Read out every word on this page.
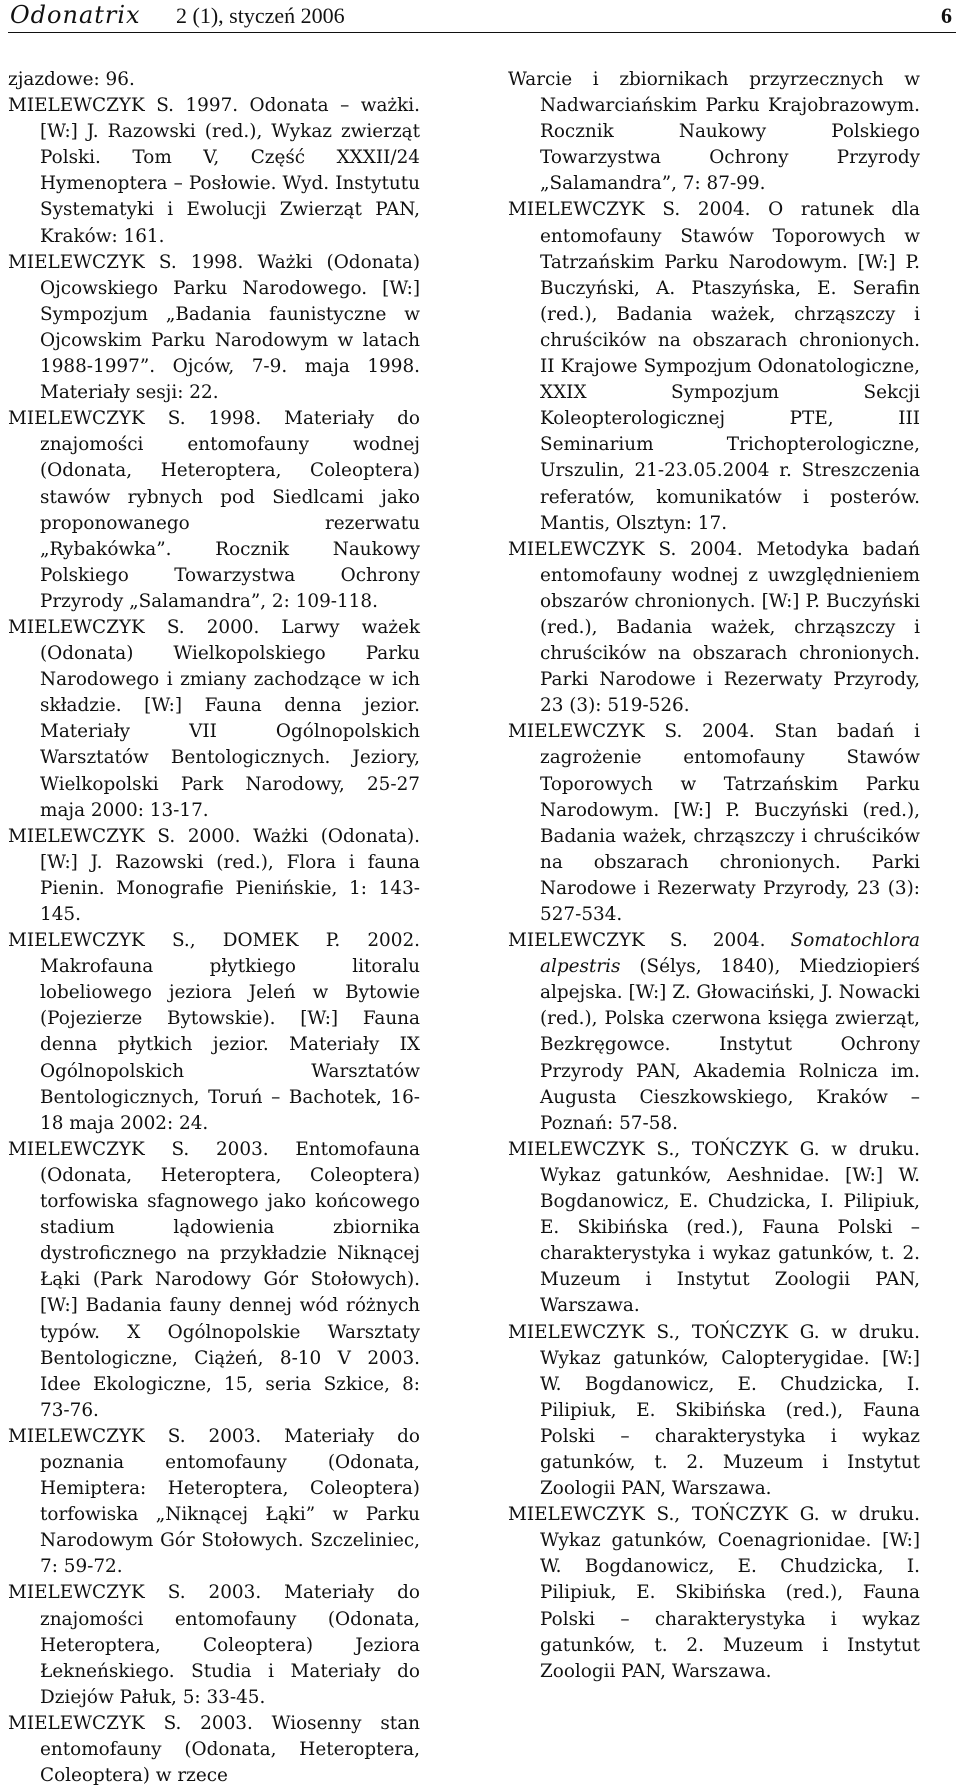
Odonatrix 2 (1), styczeń 2006	6

zjazdowe: 96.

MIELEWCZYK S. 1997. Odonata – ważki. [W:] J. Razowski (red.), Wykaz zwierząt Polski. Tom V, Część XXXII/24 Hymenoptera – Posłowie. Wyd. Instytutu Systematyki i Ewolucji Zwierząt PAN, Kraków: 161.

MIELEWCZYK S. 1998. Ważki (Odonata) Ojcowskiego Parku Narodowego. [W:] Sympozjum „Badania faunistyczne w Ojcowskim Parku Narodowym w latach 1988-1997”. Ojców, 7-9. maja 1998. Materiały sesji: 22.

MIELEWCZYK S. 1998. Materiały do znajomości entomofauny wodnej (Odonata, Heteroptera, Coleoptera) stawów rybnych pod Siedlcami jako proponowanego rezerwatu „Rybakówka”. Rocznik Naukowy Polskiego Towarzystwa Ochrony Przyrody „Salamandra”, 2: 109-118.

MIELEWCZYK S. 2000. Larwy ważek (Odonata) Wielkopolskiego Parku Narodowego i zmiany zachodzące w ich składzie. [W:] Fauna denna jezior. Materiały VII Ogólnopolskich Warsztatów Bentologicznych. Jeziory, Wielkopolski Park Narodowy, 25-27 maja 2000: 13-17.

MIELEWCZYK S. 2000. Ważki (Odonata). [W:] J. Razowski (red.), Flora i fauna Pienin. Monografie Pienińskie, 1: 143-145.

MIELEWCZYK S., DOMEK P. 2002. Makrofauna płytkiego litoralu lobeliowego jeziora Jeleń w Bytowie (Pojezierze Bytowskie). [W:] Fauna denna płytkich jezior. Materiały IX Ogólnopolskich Warsztatów Bentologicznych, Toruń – Bachotek, 16-18 maja 2002: 24.

MIELEWCZYK S. 2003. Entomofauna (Odonata, Heteroptera, Coleoptera) torfowiska sfagnowego jako końcowego stadium lądowienia zbiornika dystroficznego na przykładzie Niknącej Łąki (Park Narodowy Gór Stołowych). [W:] Badania fauny dennej wód różnych typów. X Ogólnopolskie Warsztaty Bentologiczne, Ciążeń, 8-10 V 2003. Idee Ekologiczne, 15, seria Szkice, 8: 73-76.

MIELEWCZYK S. 2003. Materiały do poznania entomofauny (Odonata, Hemiptera: Heteroptera, Coleoptera) torfowiska „Niknącej Łąki” w Parku Narodowym Gór Stołowych. Szczeliniec, 7: 59-72.

MIELEWCZYK S. 2003. Materiały do znajomości entomofauny (Odonata, Heteroptera, Coleoptera) Jeziora Łekneńskiego. Studia i Materiały do Dziejów Pałuk, 5: 33-45.

MIELEWCZYK S. 2003. Wiosenny stan entomofauny (Odonata, Heteroptera, Coleoptera) w rzece

Warcie i zbiornikach przyrzecznych w Nadwarciańskim Parku Krajobrazowym. Rocznik Naukowy Polskiego Towarzystwa Ochrony Przyrody „Salamandra”, 7: 87-99.

MIELEWCZYK S. 2004. O ratunek dla entomofauny Stawów Toporowych w Tatrzańskim Parku Narodowym. [W:] P. Buczyński, A. Ptaszyńska, E. Serafin (red.), Badania ważek, chrząszczy i chruścików na obszarach chronionych. II Krajowe Sympozjum Odonatologiczne, XXIX Sympozjum Sekcji Koleopterologicznej PTE, III Seminarium Trichopterologiczne, Urszulin, 21-23.05.2004 r. Streszczenia referatów, komunikatów i posterów. Mantis, Olsztyn: 17.

MIELEWCZYK S. 2004. Metodyka badań entomofauny wodnej z uwzględnieniem obszarów chronionych. [W:] P. Buczyński (red.), Badania ważek, chrząszczy i chruścików na obszarach chronionych. Parki Narodowe i Rezerwaty Przyrody, 23 (3): 519-526.

MIELEWCZYK S. 2004. Stan badań i zagrożenie entomofauny Stawów Toporowych w Tatrzańskim Parku Narodowym. [W:] P. Buczyński (red.), Badania ważek, chrząszczy i chruścików na obszarach chronionych. Parki Narodowe i Rezerwaty Przyrody, 23 (3): 527-534.

MIELEWCZYK S. 2004. Somatochlora alpestris (Sélys, 1840), Miedziopierś alpejska. [W:] Z. Głowaciński, J. Nowacki (red.), Polska czerwona księga zwierząt, Bezkręgowce. Instytut Ochrony Przyrody PAN, Akademia Rolnicza im. Augusta Cieszkowskiego, Kraków – Poznań: 57-58.

MIELEWCZYK S., TOŃCZYK G. w druku. Wykaz gatunków, Aeshnidae. [W:] W. Bogdanowicz, E. Chudzicka, I. Pilipiuk, E. Skibińska (red.), Fauna Polski – charakterystyka i wykaz gatunków, t. 2. Muzeum i Instytut Zoologii PAN, Warszawa.

MIELEWCZYK S., TOŃCZYK G. w druku. Wykaz gatunków, Calopterygidae. [W:] W. Bogdanowicz, E. Chudzicka, I. Pilipiuk, E. Skibińska (red.), Fauna Polski – charakterystyka i wykaz gatunków, t. 2. Muzeum i Instytut Zoologii PAN, Warszawa.

MIELEWCZYK S., TOŃCZYK G. w druku. Wykaz gatunków, Coenagrionidae. [W:] W. Bogdanowicz, E. Chudzicka, I. Pilipiuk, E. Skibińska (red.), Fauna Polski – charakterystyka i wykaz gatunków, t. 2. Muzeum i Instytut Zoologii PAN, Warszawa.
